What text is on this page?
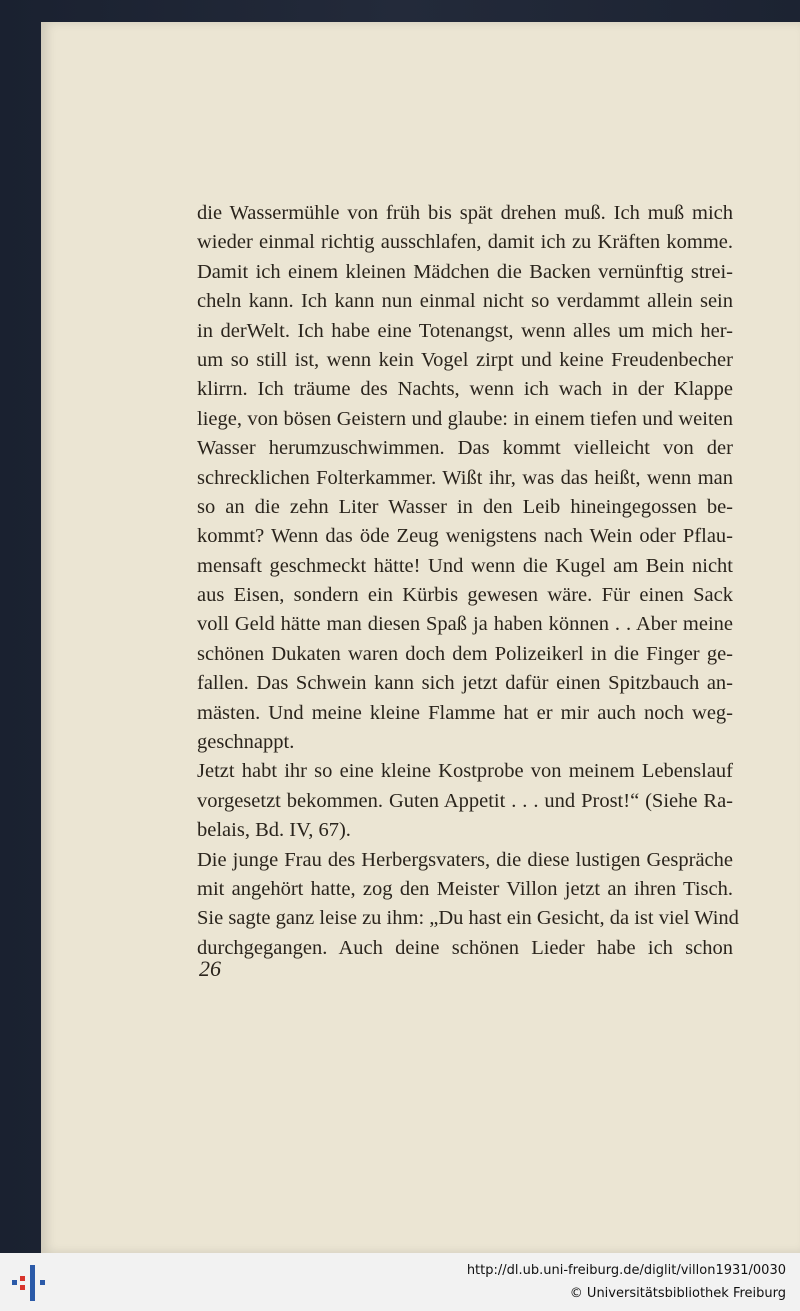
die Wassermühle von früh bis spät drehen muß. Ich muß mich
wieder einmal richtig ausschlafen, damit ich zu Kräften komme.
Damit ich einem kleinen Mädchen die Backen vernünftig strei-
cheln kann. Ich kann nun einmal nicht so verdammt allein sein
in derWelt. Ich habe eine Totenangst, wenn alles um mich her-
um so still ist, wenn kein Vogel zirpt und keine Freudenbecher
klirrn. Ich träume des Nachts, wenn ich wach in der Klappe
liege, von bösen Geistern und glaube: in einem tiefen und weiten
Wasser herumzuschwimmen. Das kommt vielleicht von der
schrecklichen Folterkammer. Wißt ihr, was das heißt, wenn man
so an die zehn Liter Wasser in den Leib hineingegossen be-
kommt? Wenn das öde Zeug wenigstens nach Wein oder Pflau-
mensaft geschmeckt hätte! Und wenn die Kugel am Bein nicht
aus Eisen, sondern ein Kürbis gewesen wäre. Für einen Sack
voll Geld hätte man diesen Spaß ja haben können . . Aber meine
schönen Dukaten waren doch dem Polizeikerl in die Finger ge-
fallen. Das Schwein kann sich jetzt dafür einen Spitzbauch an-
mästen. Und meine kleine Flamme hat er mir auch noch weg-
geschnappt.
Jetzt habt ihr so eine kleine Kostprobe von meinem Lebenslauf
vorgesetzt bekommen. Guten Appetit . . . und Prost!“ (Siehe Ra-
belais, Bd. IV, 67).
Die junge Frau des Herbergsvaters, die diese lustigen Gespräche
mit angehört hatte, zog den Meister Villon jetzt an ihren Tisch.
Sie sagte ganz leise zu ihm: „Du hast ein Gesicht, da ist viel Wind
durchgegangen. Auch deine schönen Lieder habe ich schon
26
http://dl.ub.uni-freiburg.de/diglit/villon1931/0030
© Universitätsbibliothek Freiburg
